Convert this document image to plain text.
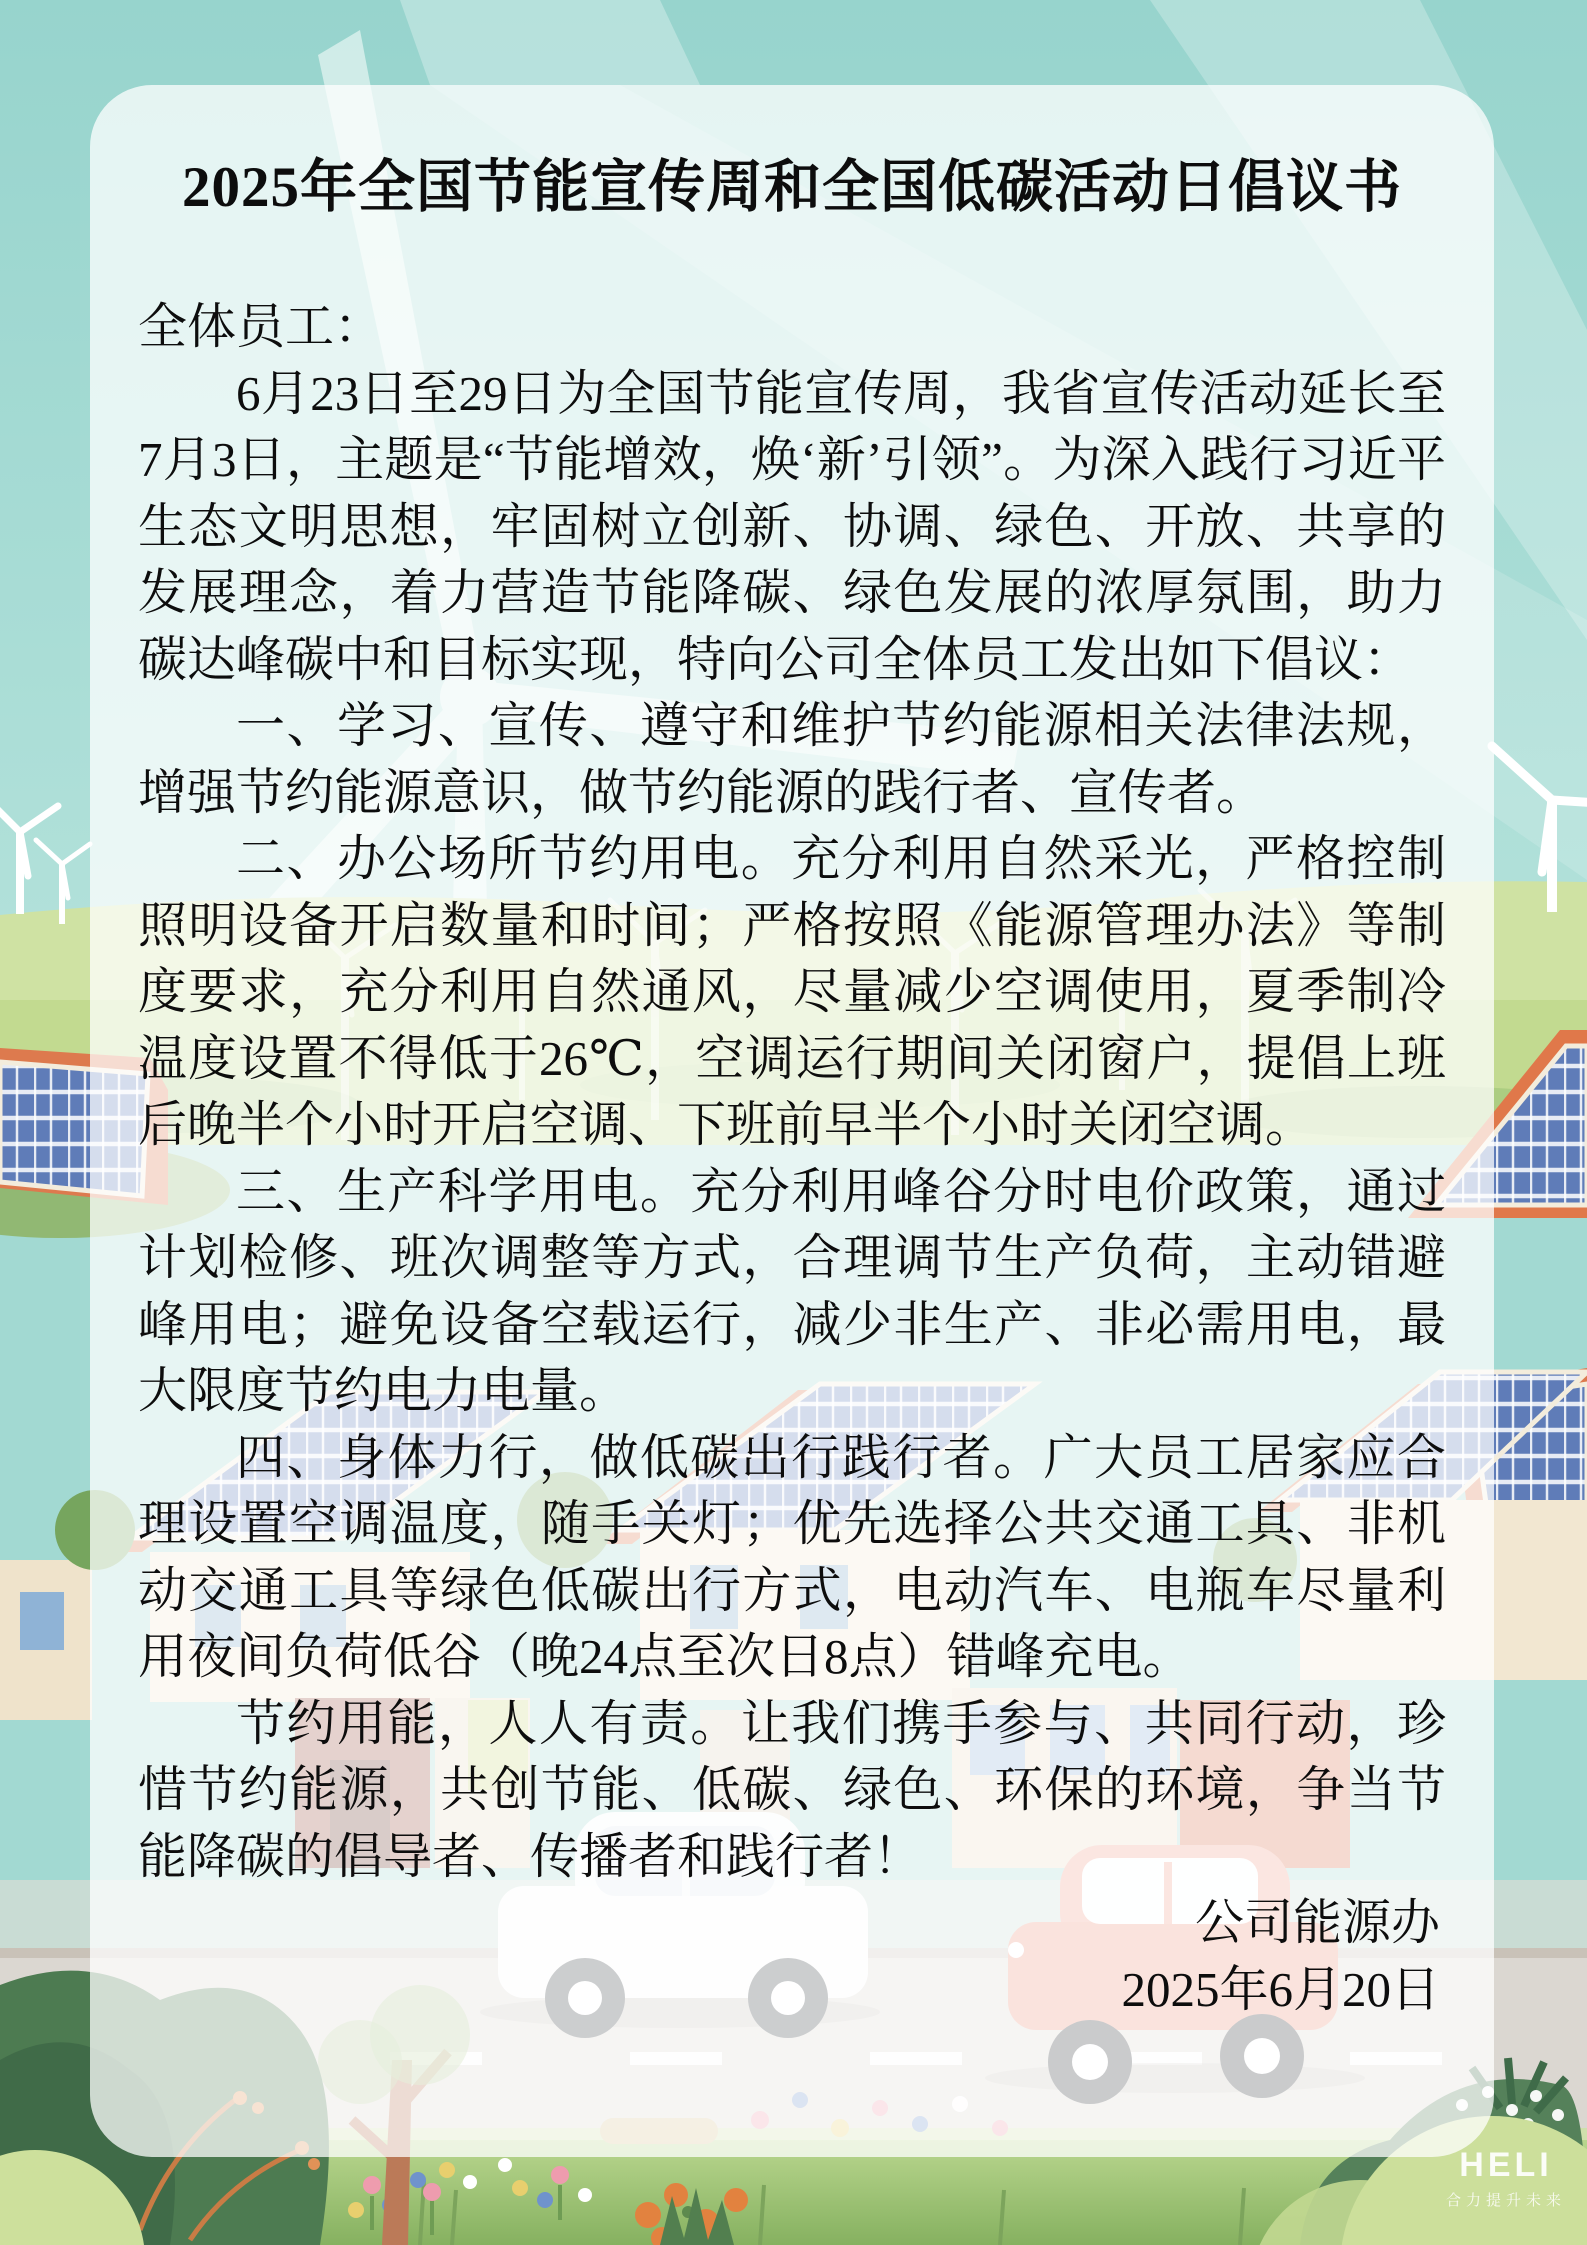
2025年全国节能宣传周和全国低碳活动日倡议书

全体员工：

6月23日至29日为全国节能宣传周，我省宣传活动延长至7月3日，主题是“节能增效，焕‘新’引领”。为深入践行习近平生态文明思想，牢固树立创新、协调、绿色、开放、共享的发展理念，着力营造节能降碳、绿色发展的浓厚氛围，助力碳达峰碳中和目标实现，特向公司全体员工发出如下倡议：

一、学习、宣传、遵守和维护节约能源相关法律法规，增强节约能源意识，做节约能源的践行者、宣传者。

二、办公场所节约用电。充分利用自然采光，严格控制照明设备开启数量和时间；严格按照《能源管理办法》等制度要求，充分利用自然通风，尽量减少空调使用，夏季制冷温度设置不得低于26℃，空调运行期间关闭窗户，提倡上班后晚半个小时开启空调、下班前早半个小时关闭空调。

三、生产科学用电。充分利用峰谷分时电价政策，通过计划检修、班次调整等方式，合理调节生产负荷，主动错避峰用电；避免设备空载运行，减少非生产、非必需用电，最大限度节约电力电量。

四、身体力行，做低碳出行践行者。广大员工居家应合理设置空调温度，随手关灯；优先选择公共交通工具、非机动交通工具等绿色低碳出行方式，电动汽车、电瓶车尽量利用夜间负荷低谷（晚24点至次日8点）错峰充电。

节约用能，人人有责。让我们携手参与、共同行动，珍惜节约能源，共创节能、低碳、绿色、环保的环境，争当节能降碳的倡导者、传播者和践行者！

公司能源办
2025年6月20日
HELI
合力提升未来
